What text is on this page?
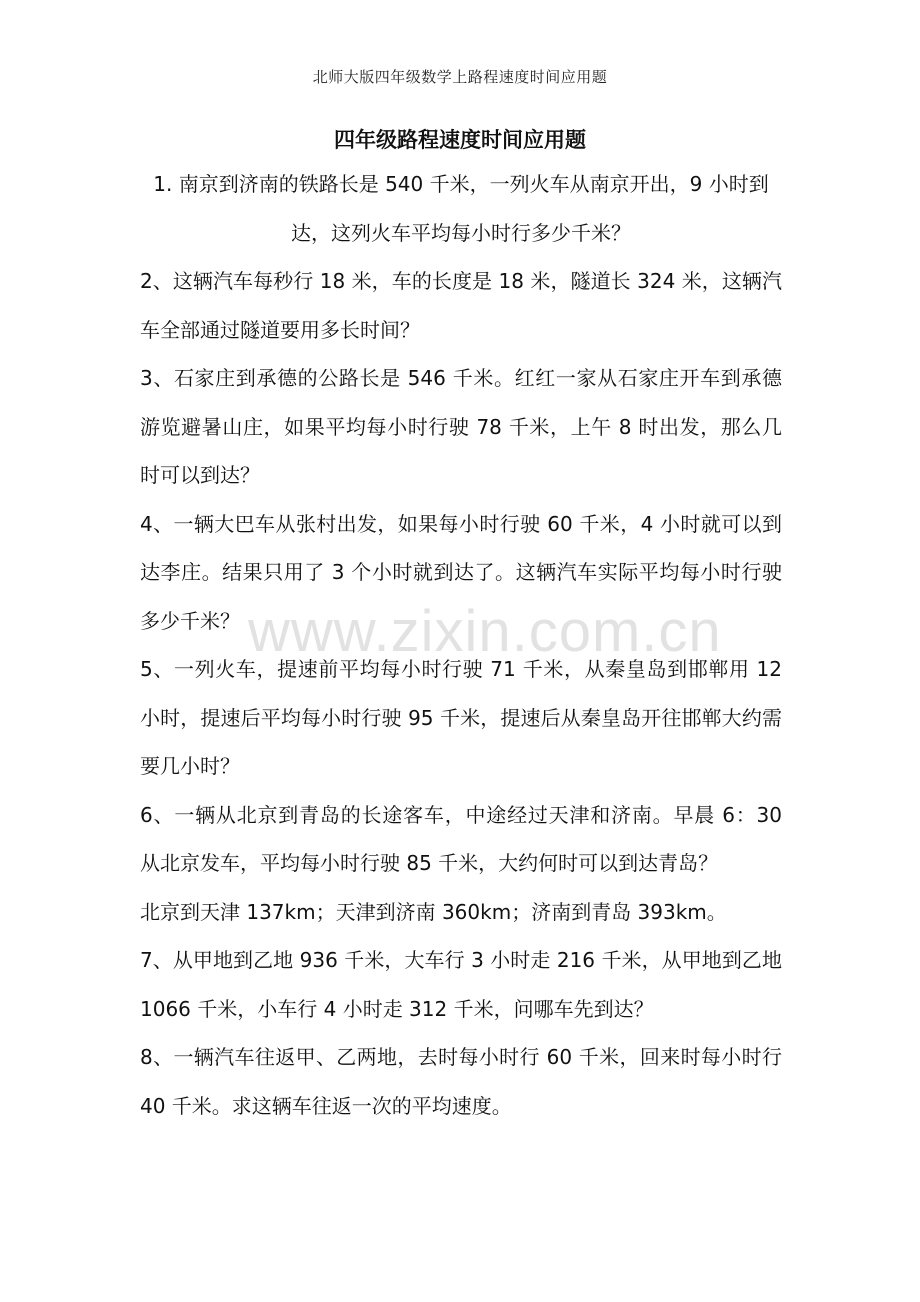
北师大版四年级数学上路程速度时间应用题
四年级路程速度时间应用题

1. 南京到济南的铁路长是 540 千米，一列火车从南京开出，9 小时到达，这列火车平均每小时行多少千米？

2、这辆汽车每秒行 18 米，车的长度是 18 米，隧道长 324 米，这辆汽车全部通过隧道要用多长时间？

3、石家庄到承德的公路长是 546 千米。红红一家从石家庄开车到承德游览避暑山庄，如果平均每小时行驶 78 千米，上午 8 时出发，那么几时可以到达？

4、一辆大巴车从张村出发，如果每小时行驶 60 千米，4 小时就可以到达李庄。结果只用了 3 个小时就到达了。这辆汽车实际平均每小时行驶多少千米？

5、一列火车，提速前平均每小时行驶 71 千米，从秦皇岛到邯郸用 12 小时，提速后平均每小时行驶 95 千米，提速后从秦皇岛开往邯郸大约需要几小时？

6、一辆从北京到青岛的长途客车，中途经过天津和济南。早晨 6：30 从北京发车，平均每小时行驶 85 千米，大约何时可以到达青岛？

北京到天津 137km；天津到济南 360km；济南到青岛 393km。

7、从甲地到乙地 936 千米，大车行 3 小时走 216 千米，从甲地到乙地 1066 千米，小车行 4 小时走 312 千米，问哪车先到达？

8、一辆汽车往返甲、乙两地，去时每小时行 60 千米，回来时每小时行 40 千米。求这辆车往返一次的平均速度。

www.zixin.com.cn
